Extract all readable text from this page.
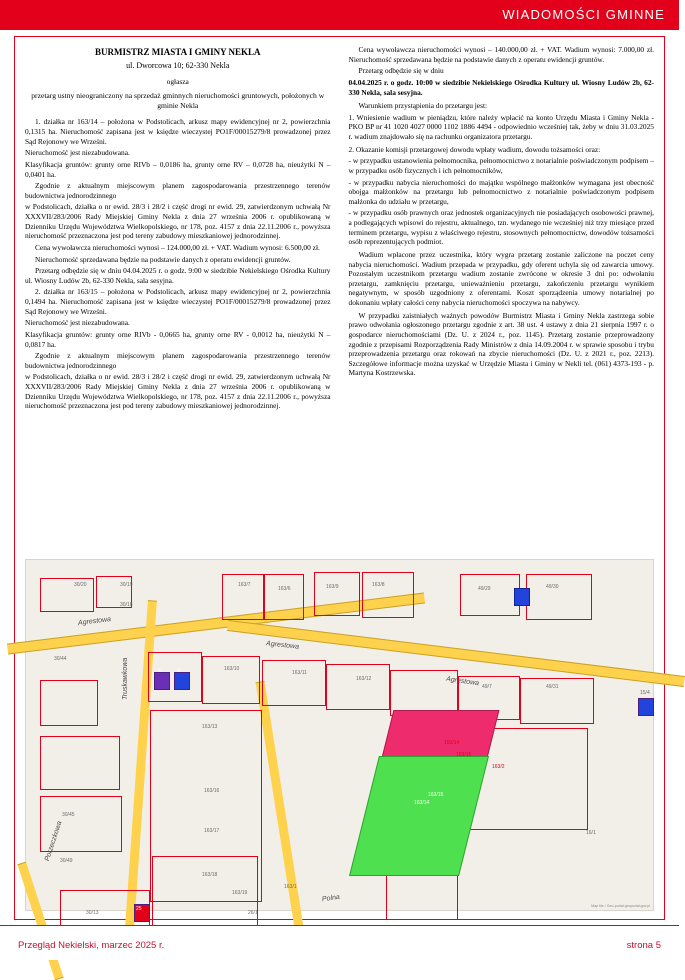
WIADOMOŚCI GMINNE
BURMISTRZ MIASTA I GMINY NEKLA
ul. Dworcowa 10; 62-330 Nekla
ogłasza
przetarg ustny nieograniczony na sprzedaż gminnych nieruchomości gruntowych, położonych w gminie Nekla

1. działka nr 163/14 – położona w Podstolicach, arkusz mapy ewidencyjnej nr 2, powierzchnia 0,1315 ha. Nieruchomość zapisana jest w księdze wieczystej PO1F/00015279/8 prowadzonej przez Sąd Rejonowy we Wrześni.

Nieruchomość jest niezabudowana.

Klasyfikacja gruntów: grunty orne RIVb – 0,0186 ha, grunty orne RV – 0,0728 ha, nieużytki N – 0,0401 ha.

Zgodnie z aktualnym miejscowym planem zagospodarowania przestrzennego terenów budownictwa jednorodzinnego

w Podstolicach, działka o nr ewid. 28/3 i 28/2 i część drogi nr ewid. 29, zatwierdzonym uchwałą Nr XXXVII/283/2006 Rady Miejskiej Gminy Nekla z dnia 27 września 2006 r. opublikowaną w Dzienniku Urzędu Województwa Wielkopolskiego, nr 178, poz. 4157 z dnia 22.11.2006 r., powyższa nieruchomość przeznaczona jest pod tereny zabudowy mieszkaniowej jednorodzinnej.

Cena wywoławcza nieruchomości wynosi – 124.000,00 zł. + VAT. Wadium wynosi: 6.500,00 zł.

Nieruchomość sprzedawana będzie na podstawie danych z operatu ewidencji gruntów.

Przetarg odbędzie się w dniu 04.04.2025 r. o godz. 9:00 w siedzibie Nekielskiego Ośrodka Kultury ul. Wiosny Ludów 2b, 62-330 Nekla, sala sesyjna.

2. działka nr 163/15 – położona w Podstolicach, arkusz mapy ewidencyjnej nr 2, powierzchnia 0,1494 ha. Nieruchomość zapisana jest w księdze wieczystej PO1F/00015279/8 prowadzonej przez Sąd Rejonowy we Wrześni.

Nieruchomość jest niezabudowana.

Klasyfikacja gruntów: grunty orne RIVb - 0,0665 ha, grunty orne RV - 0,0012 ha, nieużytki N – 0,0817 ha.

Zgodnie z aktualnym miejscowym planem zagospodarowania przestrzennego terenów budownictwa jednorodzinnego

w Podstolicach, działka o nr ewid. 28/3 i 28/2 i część drogi nr ewid. 29, zatwierdzonym uchwałą Nr XXXVII/283/2006 Rady Miejskiej Gminy Nekla z dnia 27 września 2006 r. opublikowaną w Dzienniku Urzędu Województwa Wielkopolskiego, nr 178, poz. 4157 z dnia 22.11.2006 r., powyższa nieruchomość przeznaczona jest pod tereny zabudowy mieszkaniowej jednorodzinnej.

Cena wywoławcza nieruchomości wynosi – 140.000,00 zł. + VAT. Wadium wynosi: 7.000,00 zł. Nieruchomość sprzedawana będzie na podstawie danych z operatu ewidencji gruntów.

Przetarg odbędzie się w dniu

04.04.2025 r. o godz. 10:00 w siedzibie Nekielskiego Ośrodka Kultury ul. Wiosny Ludów 2b, 62-330 Nekla, sala sesyjna.

Warunkiem przystąpienia do przetargu jest:

1. Wniesienie wadium w pieniądzu, które należy wpłacić na konto Urzędu Miasta i Gminy Nekla - PKO BP nr 41 1020 4027 0000 1102 1886 4494 - odpowiednio wcześniej tak, żeby w dniu 31.03.2025 r. wadium znajdowało się na rachunku organizatora przetargu.

2. Okazanie komisji przetargowej dowodu wpłaty wadium, dowodu tożsamości oraz:

- w przypadku ustanowienia pełnomocnika, pełnomocnictwo z notarialnie poświadczonym podpisem – w przypadku osób fizycznych i ich pełnomocników,

- w przypadku nabycia nieruchomości do majątku wspólnego małżonków wymagana jest obecność obojga małżonków na przetargu lub pełnomocnictwo z notarialnie poświadczonym podpisem małżonka do udziału w przetargu,

- w przypadku osób prawnych oraz jednostek organizacyjnych nie posiadających osobowości prawnej, a podlegających wpisowi do rejestru, aktualnego, tzn. wydanego nie wcześniej niż trzy miesiące przed terminem przetargu, wypisu z właściwego rejestru, stosownych pełnomocnictw, dowodów tożsamości osób reprezentujących podmiot.

Wadium wpłacone przez uczestnika, który wygra przetarg zostanie zaliczone na poczet ceny nabycia nieruchomości. Wadium przepada w przypadku, gdy oferent uchyla się od zawarcia umowy. Pozostałym uczestnikom przetargu wadium zostanie zwrócone w okresie 3 dni po: odwołaniu przetargu, zamknięciu przetargu, unieważnieniu przetargu, zakończeniu przetargu wynikiem negatywnym, w sposób uzgodniony z oferentami. Koszt sporządzenia umowy notarialnej po dokonaniu wpłaty całości ceny nabycia nieruchomości spoczywa na nabywcy.

W przypadku zaistniałych ważnych powodów Burmistrz Miasta i Gminy Nekla zastrzega sobie prawo odwołania ogłoszonego przetargu zgodnie z art. 38 ust. 4 ustawy z dnia 21 sierpnia 1997 r. o gospodarce nieruchomościami (Dz. U. z 2024 r., poz. 1145). Przetarg zostanie przeprowadzony zgodnie z przepisami Rozporządzenia Rady Ministrów z dnia 14.09.2004 r. w sprawie sposobu i trybu przeprowadzenia przetargu oraz rokowań na zbycie nieruchomości (Dz. U. z 2021 r., poz. 2213). Szczegółowe informacje można uzyskać w Urzędzie Miasta i Gminy w Nekli tel. (061) 4373-193 - p. Martyna Kostrzewska.

Agrestowa
Agrestowa
Agrestowa
Truskawkowa
Polna
Porzeczkowa
163/14
163/15
30/20	30/19	163/7
163/6
30/18
163/9	163/8
49/29	49/30
30/44
163/10
163/11
163/12
49/7	49/31
15/4
163/13
163/14
163/15
163/2
163/16
163/17	16/1
30/45
30/49
163/18
163/19
163/1
30/13	26/1
4	5
25	Map tile / Geo-portal geoportal.gov.pl
Przegląd Nekielski, marzec 2025 r.	strona 5
